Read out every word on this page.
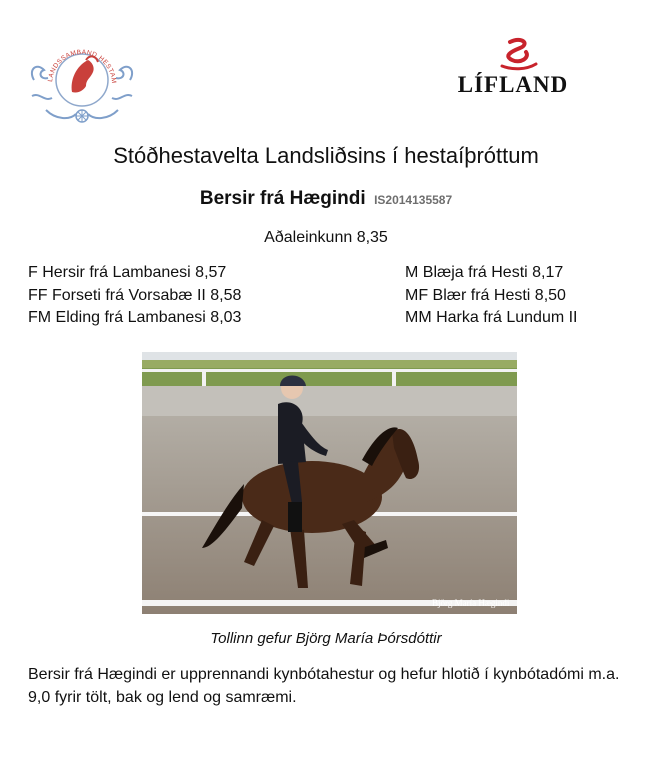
LANDSSAMBAND HESTAM	LÍFLAND
Stóðhestavelta Landsliðsins í hestaíþróttum
Bersir frá Hægindi IS2014135587
Aðaleinkunn 8,35
F Hersir frá Lambanesi 8,57
FF Forseti frá Vorsabæ II 8,58
FM Elding frá Lambanesi 8,03
M Blæja frá Hesti 8,17
MF Blær frá Hesti 8,50
MM Harka frá Lundum II
Björg María Hægindi
Tollinn gefur Björg María Þórsdóttir
Bersir frá Hægindi er upprennandi kynbótahestur og hefur hlotið í kynbótadómi m.a. 9,0 fyrir tölt, bak og lend og samræmi.
